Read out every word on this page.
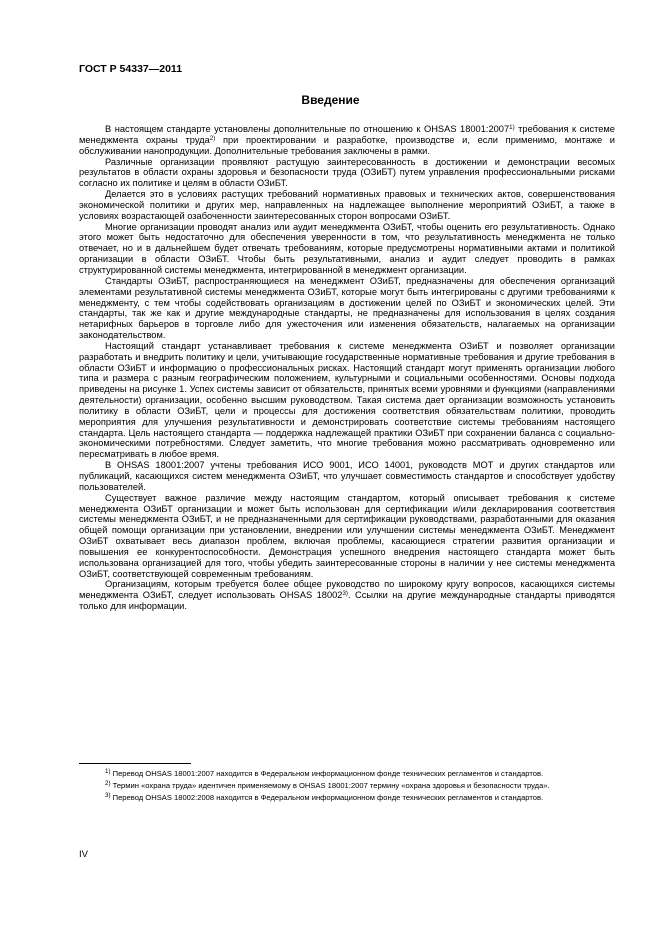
ГОСТ Р 54337—2011
Введение

В настоящем стандарте установлены дополнительные по отношению к OHSAS 18001:2007$^{1)}$ требования к системе менеджмента охраны труда$^{2)}$ при проектировании и разработке, производстве и, если применимо, монтаже и обслуживании нанопродукции. Дополнительные требования заключены в рамки.

Различные организации проявляют растущую заинтересованность в достижении и демонстрации весомых результатов в области охраны здоровья и безопасности труда (ОЗиБТ) путем управления профессиональными рисками согласно их политике и целям в области ОЗиБТ.

Делается это в условиях растущих требований нормативных правовых и технических актов, совершенствования экономической политики и других мер, направленных на надлежащее выполнение мероприятий ОЗиБТ, а также в условиях возрастающей озабоченности заинтересованных сторон вопросами ОЗиБТ.

Многие организации проводят анализ или аудит менеджмента ОЗиБТ, чтобы оценить его результативность. Однако этого может быть недостаточно для обеспечения уверенности в том, что результативность менеджмента не только отвечает, но и в дальнейшем будет отвечать требованиям, которые предусмотрены нормативными актами и политикой организации в области ОЗиБТ. Чтобы быть результативными, анализ и аудит следует проводить в рамках структурированной системы менеджмента, интегрированной в менеджмент организации.

Стандарты ОЗиБТ, распространяющиеся на менеджмент ОЗиБТ, предназначены для обеспечения организаций элементами результативной системы менеджмента ОЗиБТ, которые могут быть интегрированы с другими требованиями к менеджменту, с тем чтобы содействовать организациям в достижении целей по ОЗиБТ и экономических целей. Эти стандарты, так же как и другие международные стандарты, не предназначены для использования в целях создания нетарифных барьеров в торговле либо для ужесточения или изменения обязательств, налагаемых на организации законодательством.

Настоящий стандарт устанавливает требования к системе менеджмента ОЗиБТ и позволяет организации разработать и внедрить политику и цели, учитывающие государственные нормативные требования и другие требования в области ОЗиБТ и информацию о профессиональных рисках. Настоящий стандарт могут применять организации любого типа и размера с разным географическим положением, культурными и социальными особенностями. Основы подхода приведены на рисунке 1. Успех системы зависит от обязательств, принятых всеми уровнями и функциями (направлениями деятельности) организации, особенно высшим руководством. Такая система дает организации возможность установить политику в области ОЗиБТ, цели и процессы для достижения соответствия обязательствам политики, проводить мероприятия для улучшения результативности и демонстрировать соответствие системы требованиям настоящего стандарта. Цель настоящего стандарта — поддержка надлежащей практики ОЗиБТ при сохранении баланса с социально-экономическими потребностями. Следует заметить, что многие требования можно рассматривать одновременно или пересматривать в любое время.

В OHSAS 18001:2007 учтены требования ИСО 9001, ИСО 14001, руководств МОТ и других стандартов или публикаций, касающихся систем менеджмента ОЗиБТ, что улучшает совместимость стандартов и способствует удобству пользователей.

Существует важное различие между настоящим стандартом, который описывает требования к системе менеджмента ОЗиБТ организации и может быть использован для сертификации и/или декларирования соответствия системы менеджмента ОЗиБТ, и не предназначенными для сертификации руководствами, разработанными для оказания общей помощи организации при установлении, внедрении или улучшении системы менеджмента ОЗиБТ. Менеджмент ОЗиБТ охватывает весь диапазон проблем, включая проблемы, касающиеся стратегии развития организации и повышения ее конкурентоспособности. Демонстрация успешного внедрения настоящего стандарта может быть использована организацией для того, чтобы убедить заинтересованные стороны в наличии у нее системы менеджмента ОЗиБТ, соответствующей современным требованиям.

Организациям, которым требуется более общее руководство по широкому кругу вопросов, касающихся системы менеджмента ОЗиБТ, следует использовать OHSAS 18002$^{3)}$. Ссылки на другие международные стандарты приводятся только для информации.

$^{1)}$ Перевод OHSAS 18001:2007 находится в Федеральном информационном фонде технических регламентов и стандартов.

$^{2)}$ Термин «охрана труда» идентичен применяемому в OHSAS 18001:2007 термину «охрана здоровья и безопасности труда».

$^{3)}$ Перевод OHSAS 18002:2008 находится в Федеральном информационном фонде технических регламентов и стандартов.

IV
